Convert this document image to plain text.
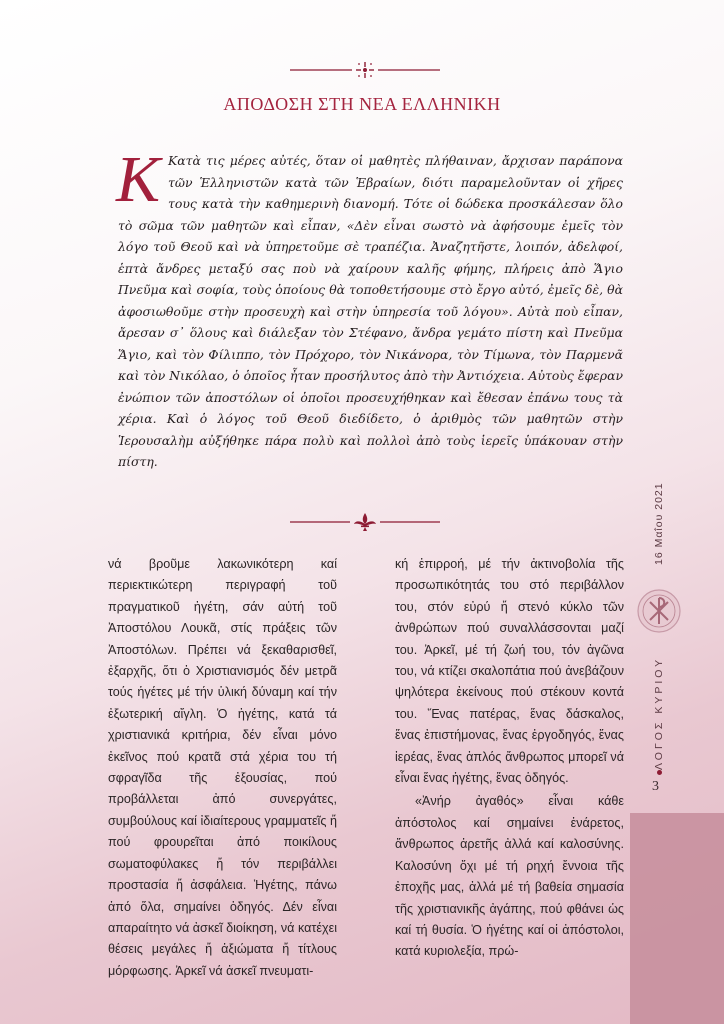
ΑΠΟΔΟΣΗ ΣΤΗ ΝΕΑ ΕΛΛΗΝΙΚΗ
Κ Κατὰ τις μέρες αὐτές, ὅταν οἱ μαθητὲς πλήθαιναν, ἄρχισαν παράπονα τῶν Ἑλληνιστῶν κατὰ τῶν Ἑβραίων, διότι παραμελοῦνταν οἱ χῆρες τους κατὰ τὴν καθημερινὴ διανομή. Τότε οἱ δώδεκα προσκάλεσαν ὅλο τὸ σῶμα τῶν μαθητῶν καὶ εἶπαν, «Δὲν εἶναι σωστὸ νὰ ἀφήσουμε ἐμεῖς τὸν λόγο τοῦ Θεοῦ καὶ νὰ ὑπηρετοῦμε σὲ τραπέζια. Ἀναζητῆστε, λοιπόν, ἀδελφοί, ἑπτὰ ἄνδρες μεταξύ σας ποὺ νὰ χαίρουν καλῆς φήμης, πλήρεις ἀπὸ Ἅγιο Πνεῦμα καὶ σοφία, τοὺς ὁποίους θὰ τοποθετήσουμε στὸ ἔργο αὐτό, ἐμεῖς δὲ, θὰ ἀφοσιωθοῦμε στὴν προσευχὴ καὶ στὴν ὑπηρεσία τοῦ λόγου». Αὐτὰ ποὺ εἶπαν, ἄρεσαν σ᾽ ὅλους καὶ διάλεξαν τὸν Στέφανο, ἄνδρα γεμάτο πίστη καὶ Πνεῦμα Ἅγιο, καὶ τὸν Φίλιππο, τὸν Πρόχορο, τὸν Νικάνορα, τὸν Τίμωνα, τὸν Παρμενᾶ καὶ τὸν Νικόλαο, ὁ ὁποῖος ἦταν προσήλυτος ἀπὸ τὴν Ἀντιόχεια. Αὐτοὺς ἔφεραν ἐνώπιον τῶν ἀποστόλων οἱ ὁποῖοι προσευχήθηκαν καὶ ἔθεσαν ἐπάνω τους τὰ χέρια. Καὶ ὁ λόγος τοῦ Θεοῦ διεδίδετο, ὁ ἀριθμὸς τῶν μαθητῶν στὴν Ἱερουσαλὴμ αὐξήθηκε πάρα πολὺ καὶ πολλοὶ ἀπὸ τοὺς ἱερεῖς ὑπάκουαν στὴν πίστη.

νά βροῦμε λακωνικότερη καί περιεκτικώτερη περιγραφή τοῦ πραγματικοῦ ἡγέτη, σάν αὐτή τοῦ Ἀποστόλου Λουκᾶ, στίς πράξεις τῶν Ἀποστόλων. Πρέπει νά ξεκαθαρισθεῖ, ἐξαρχῆς, ὅτι ὁ Χριστιανισμός δέν μετρᾶ τούς ἡγέτες μέ τήν ὑλική δύναμη καί τήν ἐξωτερική αἴγλη. Ὁ ἡγέτης, κατά τά χριστιανικά κριτήρια, δέν εἶναι μόνο ἐκεῖνος πού κρατᾶ στά χέρια του τή σφραγῖδα τῆς ἐξουσίας, πού προβάλλεται ἀπό συνεργάτες, συμβούλους καί ἰδιαίτερους γραμματεῖς ἤ πού φρουρεῖται ἀπό ποικίλους σωματοφύλακες ἤ τόν περιβάλλει προστασία ἤ ἀσφάλεια. Ἡγέτης, πάνω ἀπό ὅλα, σημαίνει ὁδηγός. Δέν εἶναι απαραίτητο νά ἀσκεῖ διοίκηση, νά κατέχει θέσεις μεγάλες ἤ ἀξιώματα ἤ τίτλους μόρφωσης. Ἀρκεῖ νά ἀσκεῖ πνευματι-

κή ἐπιρροή, μέ τήν ἀκτινοβολία τῆς προσωπικότητάς του στό περιβάλλον του, στόν εὐρύ ἤ στενό κύκλο τῶν ἀνθρώπων πού συναλλάσσονται μαζί του. Ἀρκεῖ, μέ τή ζωή του, τόν ἀγῶνα του, νά κτίζει σκαλοπάτια πού ἀνεβάζουν ψηλότερα ἐκείνους πού στέκουν κοντά του. Ἕνας πατέρας, ἕνας δάσκαλος, ἕνας ἐπιστήμονας, ἕνας ἐργοδηγός, ἕνας ἱερέας, ἕνας ἁπλός ἄνθρωπος μπορεῖ νά εἶναι ἕνας ἡγέτης, ἕνας ὁδηγός.

«Ἀνήρ ἀγαθός» εἶναι κάθε ἀπόστολος καί σημαίνει ἐνάρετος, ἄνθρωπος ἀρετῆς ἀλλά καί καλοσύνης. Καλοσύνη ὄχι μέ τή ρηχή ἔννοια τῆς ἐποχῆς μας, ἀλλά μέ τή βαθεία σημασία τῆς χριστιανικῆς ἀγάπης, πού φθάνει ὡς καί τή θυσία. Ὁ ἡγέτης καί οἱ ἀπόστολοι, κατά κυριολεξία, πρώ-

16 Μαΐου 2021
ΛΟΓΟΣ ΚΥΡΙΟΥ
3
